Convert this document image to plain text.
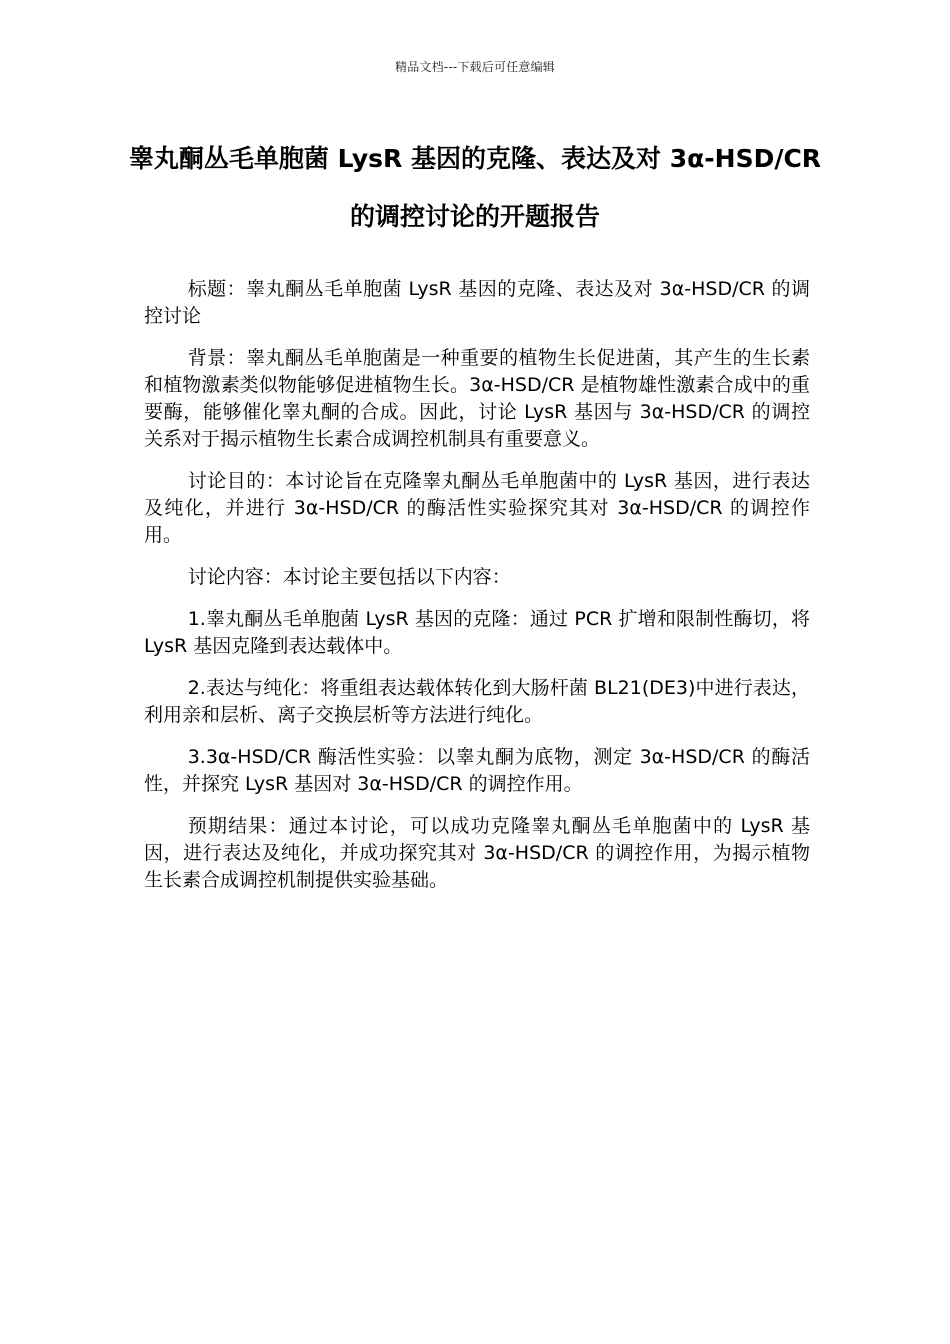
精品文档---下载后可任意编辑
睾丸酮丛毛单胞菌 LysR 基因的克隆、表达及对 3α-HSD/CR 的调控讨论的开题报告

标题：睾丸酮丛毛单胞菌 LysR 基因的克隆、表达及对 3α-HSD/CR 的调控讨论

背景：睾丸酮丛毛单胞菌是一种重要的植物生长促进菌，其产生的生长素和植物激素类似物能够促进植物生长。3α-HSD/CR 是植物雄性激素合成中的重要酶，能够催化睾丸酮的合成。因此，讨论 LysR 基因与 3α-HSD/CR 的调控关系对于揭示植物生长素合成调控机制具有重要意义。

讨论目的：本讨论旨在克隆睾丸酮丛毛单胞菌中的 LysR 基因，进行表达及纯化，并进行 3α-HSD/CR 的酶活性实验探究其对 3α-HSD/CR 的调控作用。

讨论内容：本讨论主要包括以下内容：

1.睾丸酮丛毛单胞菌 LysR 基因的克隆：通过 PCR 扩增和限制性酶切，将 LysR 基因克隆到表达载体中。

2.表达与纯化：将重组表达载体转化到大肠杆菌 BL21(DE3)中进行表达，利用亲和层析、离子交换层析等方法进行纯化。

3.3α-HSD/CR 酶活性实验：以睾丸酮为底物，测定 3α-HSD/CR 的酶活性，并探究 LysR 基因对 3α-HSD/CR 的调控作用。

预期结果：通过本讨论，可以成功克隆睾丸酮丛毛单胞菌中的 LysR 基因，进行表达及纯化，并成功探究其对 3α-HSD/CR 的调控作用，为揭示植物生长素合成调控机制提供实验基础。
